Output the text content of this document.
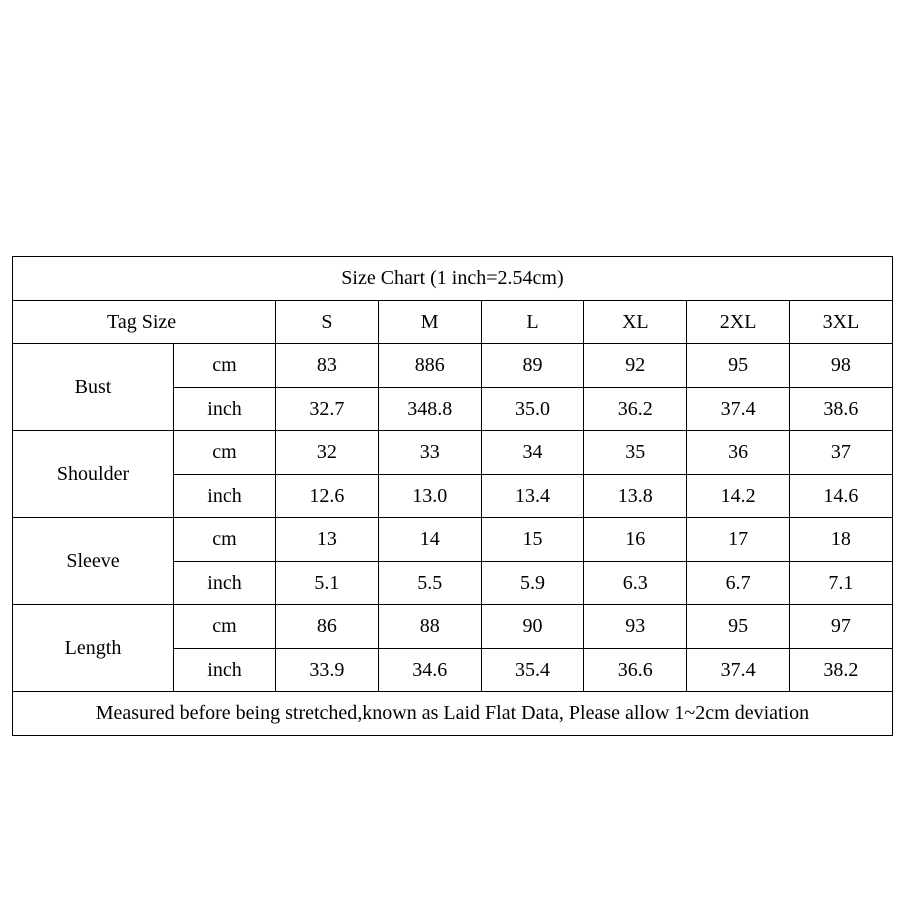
Size Chart (1 inch=2.54cm)							
Tag Size		S	M	L	XL	2XL	3XL
Bust	cm	83	886	89	92	95	98
	inch	32.7	348.8	35.0	36.2	37.4	38.6
Shoulder	cm	32	33	34	35	36	37
	inch	12.6	13.0	13.4	13.8	14.2	14.6
Sleeve	cm	13	14	15	16	17	18
	inch	5.1	5.5	5.9	6.3	6.7	7.1
Length	cm	86	88	90	93	95	97
	inch	33.9	34.6	35.4	36.6	37.4	38.2
Measured before being stretched,known as Laid Flat Data, Please allow 1~2cm deviation							
